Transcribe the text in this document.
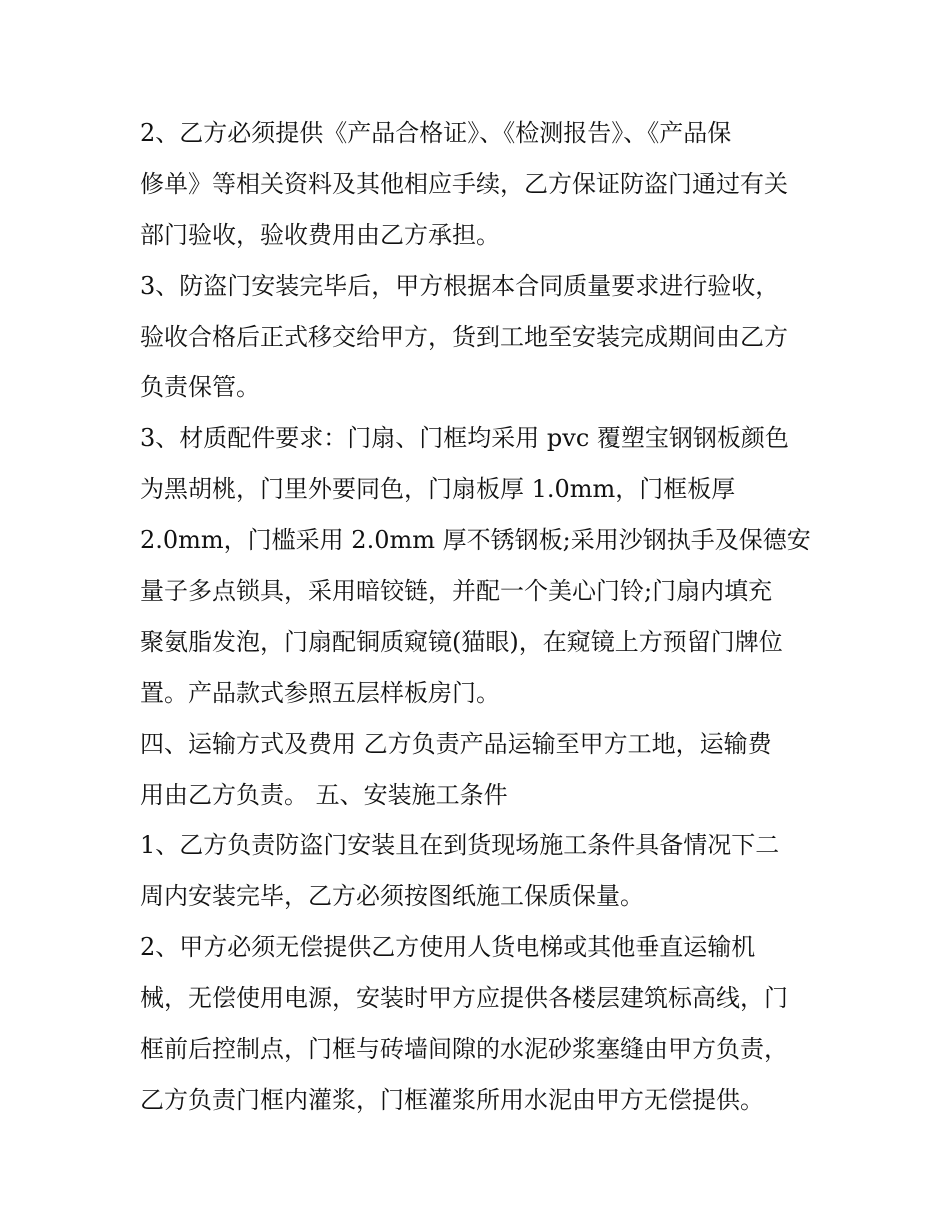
2、乙方必须提供《产品合格证》、《检测报告》、《产品保
修单》等相关资料及其他相应手续，乙方保证防盗门通过有关
部门验收，验收费用由乙方承担。
3、防盗门安装完毕后，甲方根据本合同质量要求进行验收，
验收合格后正式移交给甲方，货到工地至安装完成期间由乙方
负责保管。
3、材质配件要求：门扇、门框均采用 pvc 覆塑宝钢钢板颜色
为黑胡桃，门里外要同色，门扇板厚 1.0mm，门框板厚
2.0mm，门槛采用 2.0mm 厚不锈钢板;采用沙钢执手及保德安
量子多点锁具，采用暗铰链，并配一个美心门铃;门扇内填充
聚氨脂发泡，门扇配铜质窥镜(猫眼)，在窥镜上方预留门牌位
置。产品款式参照五层样板房门。
四、运输方式及费用 乙方负责产品运输至甲方工地，运输费
用由乙方负责。 五、安装施工条件
1、乙方负责防盗门安装且在到货现场施工条件具备情况下二
周内安装完毕，乙方必须按图纸施工保质保量。
2、甲方必须无偿提供乙方使用人货电梯或其他垂直运输机
械，无偿使用电源，安装时甲方应提供各楼层建筑标高线，门
框前后控制点，门框与砖墙间隙的水泥砂浆塞缝由甲方负责，
乙方负责门框内灌浆，门框灌浆所用水泥由甲方无偿提供。
